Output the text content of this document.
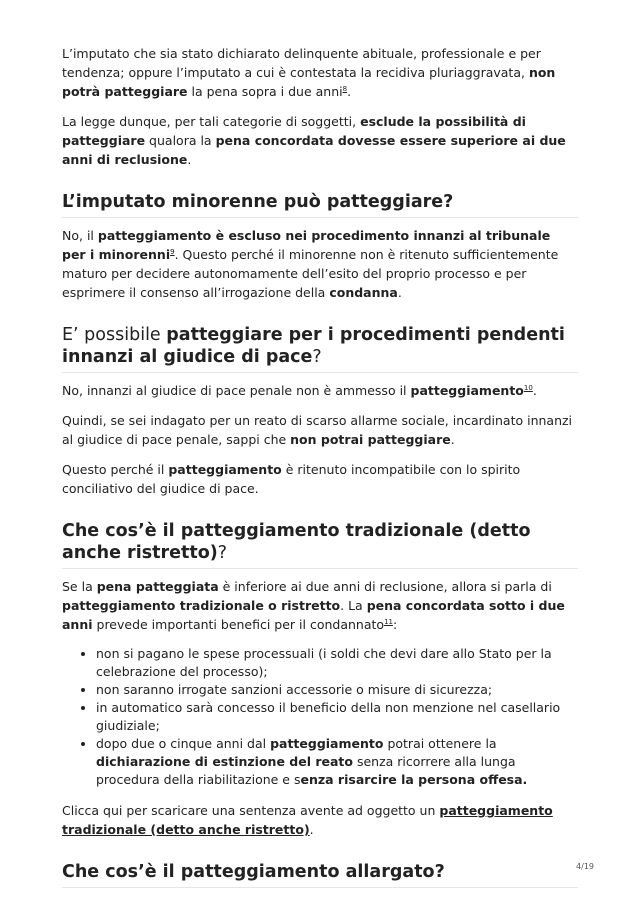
L’imputato che sia stato dichiarato delinquente abituale, professionale e per tendenza; oppure l’imputato a cui è contestata la recidiva pluriaggravata, non potrà patteggiare la pena sopra i due anni$^8$.

La legge dunque, per tali categorie di soggetti, esclude la possibilità di patteggiare qualora la pena concordata dovesse essere superiore ai due anni di reclusione.

L’imputato minorenne può patteggiare?

No, il patteggiamento è escluso nei procedimento innanzi al tribunale per i minorenni$^9$. Questo perché il minorenne non è ritenuto sufficientemente maturo per decidere autonomamente dell’esito del proprio processo e per esprimere il consenso all’irrogazione della condanna.

E’ possibile patteggiare per i procedimenti pendenti innanzi al giudice di pace?

No, innanzi al giudice di pace penale non è ammesso il patteggiamento$^{10}$.

Quindi, se sei indagato per un reato di scarso allarme sociale, incardinato innanzi al giudice di pace penale, sappi che non potrai patteggiare.

Questo perché il patteggiamento è ritenuto incompatibile con lo spirito conciliativo del giudice di pace.

Che cos’è il patteggiamento tradizionale (detto anche ristretto)?

Se la pena patteggiata è inferiore ai due anni di reclusione, allora si parla di patteggiamento tradizionale o ristretto. La pena concordata sotto i due anni prevede importanti benefici per il condannato$^{11}$:

• non si pagano le spese processuali (i soldi che devi dare allo Stato per la celebrazione del processo);
• non saranno irrogate sanzioni accessorie o misure di sicurezza;
• in automatico sarà concesso il beneficio della non menzione nel casellario giudiziale;
• dopo due o cinque anni dal patteggiamento potrai ottenere la dichiarazione di estinzione del reato senza ricorrere alla lunga procedura della riabilitazione e senza risarcire la persona offesa.

Clicca qui per scaricare una sentenza avente ad oggetto un patteggiamento tradizionale (detto anche ristretto).

Che cos’è il patteggiamento allargato?	4/19
